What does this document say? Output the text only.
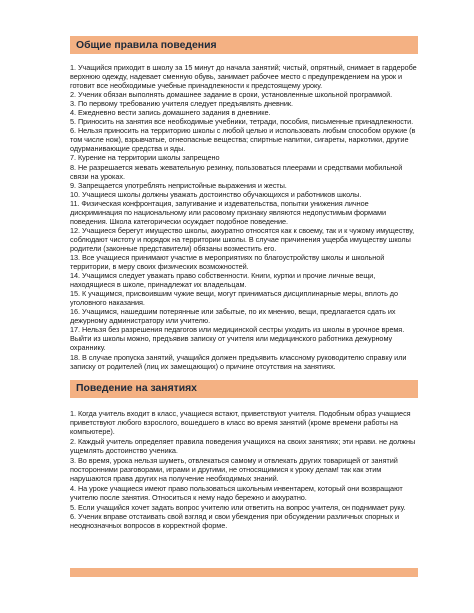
Общие правила поведения

1. Учащийся приходит в школу за 15 минут до начала занятий; чистый, опрятный, снимает в гардеробе верхнюю одежду, надевает сменную обувь, занимает рабочее место с предупреждением на урок и готовит все необходимые учебные принадлежности к предстоящему уроку.

2. Ученик обязан выполнять домашнее задание в сроки, установленные школьной программой.

3. По первому требованию учителя следует предъявлять дневник.

4. Ежедневно вести запись домашнего задания в дневнике.

5. Приносить на занятия все необходимые учебники, тетради, пособия, письменные принадлежности.

6. Нельзя приносить на территорию школы с любой целью и использовать любым способом оружие (в том числе нож), взрывчатые, огнеопасные вещества; спиртные напитки, сигареты, наркотики, другие одурманивающие средства и яды.

7. Курение на территории школы запрещено

8. Не разрешается жевать жевательную резинку, пользоваться плеерами и средствами мобильной связи на уроках.

9. Запрещается употреблять непристойные выражения и жесты.

10. Учащиеся школы должны уважать достоинство обучающихся и работников школы.

11. Физическая конфронтация, запугивание и издевательства, попытки унижения личное дискриминация по национальному или расовому признаку являются недопустимым формами поведения. Школа категорически осуждает подобное поведение.

12. Учащиеся берегут имущество школы, аккуратно относятся как к своему, так и к чужому имуществу, соблюдают чистоту и порядок на территории школы. В случае причинения ущерба имуществу школы родители (законные представители) обязаны возместить его.

13. Все учащиеся принимают участие в мероприятиях по благоустройству школы и школьной территории, в меру своих физических возможностей.

14. Учащимся следует уважать право собственности. Книги, куртки и прочие личные вещи, находящиеся в школе, принадлежат их владельцам.

15. К учащимся, присвоившим чужие вещи, могут приниматься дисциплинарные меры, вплоть до уголовного наказания.

16. Учащимся, нашедшим потерянные или забытые, по их мнению, вещи, предлагается сдать их дежурному администратору или учителю.

17. Нельзя без разрешения педагогов или медицинской сестры уходить из школы в урочное время. Выйти из школы можно, предъявив записку от учителя или медицинского работника дежурному охраннику.

18. В случае пропуска занятий, учащийся должен предъявить классному руководителю справку или записку от родителей (лиц их замещающих) о причине отсутствия на занятиях.

Поведение на занятиях

1. Когда учитель входит в класс, учащиеся встают, приветствуют учителя. Подобным образ учащиеся приветствуют любого взрослого, вошедшего в класс во время занятий (кроме времени работы на компьютере).

2. Каждый учитель определяет правила поведения учащихся на своих занятиях; эти нрави. не должны ущемлять достоинство ученика.

3. Во время, урока нельзя шуметь, отвлекаться самому и отвлекать других товарищей от занятий посторонними разговорами, играми и другими, не относящимися к уроку делам! так как этим нарушаются права других на получение необходимых знаний.

4. На уроке учащиеся имеют право пользоваться школьным инвентарем, который они возвращают учителю после занятия. Относиться к нему надо бережно и аккуратно.

5. Если учащийся хочет задать вопрос учителю или ответить на вопрос учителя, он поднимает руку.

6. Ученик вправе отстаивать свой взгляд и свои убеждения при обсуждении различных спорных и неоднозначных вопросов в корректной форме.
